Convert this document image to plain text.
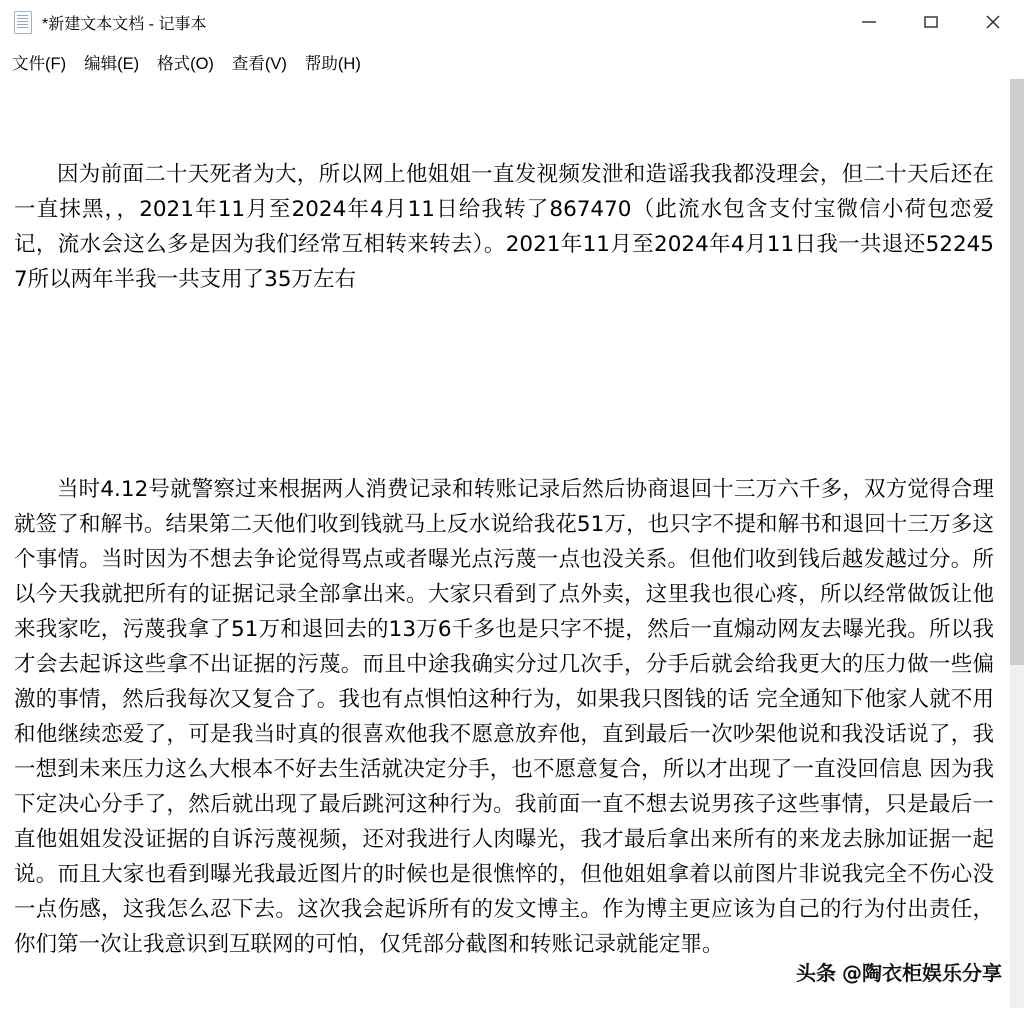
*新建文本文档 - 记事本
文件(F)	编辑(E)	格式(O)	查看(V)	帮助(H)

因为前面二十天死者为大，所以网上他姐姐一直发视频发泄和造谣我我都没理会，但二十天后还在一直抹黑，，2021年11月至2024年4月11日给我转了867470（此流水包含支付宝微信小荷包恋爱记，流水会这么多是因为我们经常互相转来转去）。2021年11月至2024年4月11日我一共退还522457所以两年半我一共支用了35万左右

当时4.12号就警察过来根据两人消费记录和转账记录后然后协商退回十三万六千多，双方觉得合理就签了和解书。结果第二天他们收到钱就马上反水说给我花51万，也只字不提和解书和退回十三万多这个事情。当时因为不想去争论觉得骂点或者曝光点污蔑一点也没关系。但他们收到钱后越发越过分。所以今天我就把所有的证据记录全部拿出来。大家只看到了点外卖，这里我也很心疼，所以经常做饭让他来我家吃，污蔑我拿了51万和退回去的13万6千多也是只字不提，然后一直煽动网友去曝光我。所以我才会去起诉这些拿不出证据的污蔑。而且中途我确实分过几次手，分手后就会给我更大的压力做一些偏激的事情，然后我每次又复合了。我也有点惧怕这种行为，如果我只图钱的话 完全通知下他家人就不用和他继续恋爱了，可是我当时真的很喜欢他我不愿意放弃他，直到最后一次吵架他说和我没话说了，我一想到未来压力这么大根本不好去生活就决定分手，也不愿意复合，所以才出现了一直没回信息 因为我下定决心分手了，然后就出现了最后跳河这种行为。我前面一直不想去说男孩子这些事情，只是最后一直他姐姐发没证据的自诉污蔑视频，还对我进行人肉曝光，我才最后拿出来所有的来龙去脉加证据一起说。而且大家也看到曝光我最近图片的时候也是很憔悴的，但他姐姐拿着以前图片非说我完全不伤心没一点伤感，这我怎么忍下去。这次我会起诉所有的发文博主。作为博主更应该为自己的行为付出责任，你们第一次让我意识到互联网的可怕，仅凭部分截图和转账记录就能定罪。

头条 @陶衣柜娱乐分享
